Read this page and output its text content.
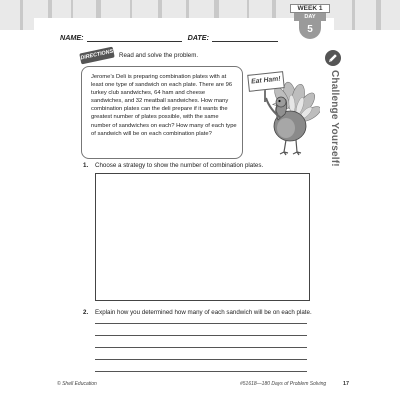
NAME:	DATE:
WEEK 1
DAY
5
Challenge Yourself!
DIRECTIONS Read and solve the problem.
Jerome’s Deli is preparing combination plates with at least one type of sandwich on each plate. There are 96 turkey club sandwiches, 64 ham and cheese sandwiches, and 32 meatball sandwiches. How many combination plates can the deli prepare if it wants the greatest number of plates possible, with the same number of sandwiches on each? How many of each type of sandwich will be on each combination plate?
Eat Ham!
1.	Choose a strategy to show the number of combination plates.
2.	Explain how you determined how many of each sandwich will be on each plate.
© Shell Education	#51618—180 Days of Problem Solving	17
